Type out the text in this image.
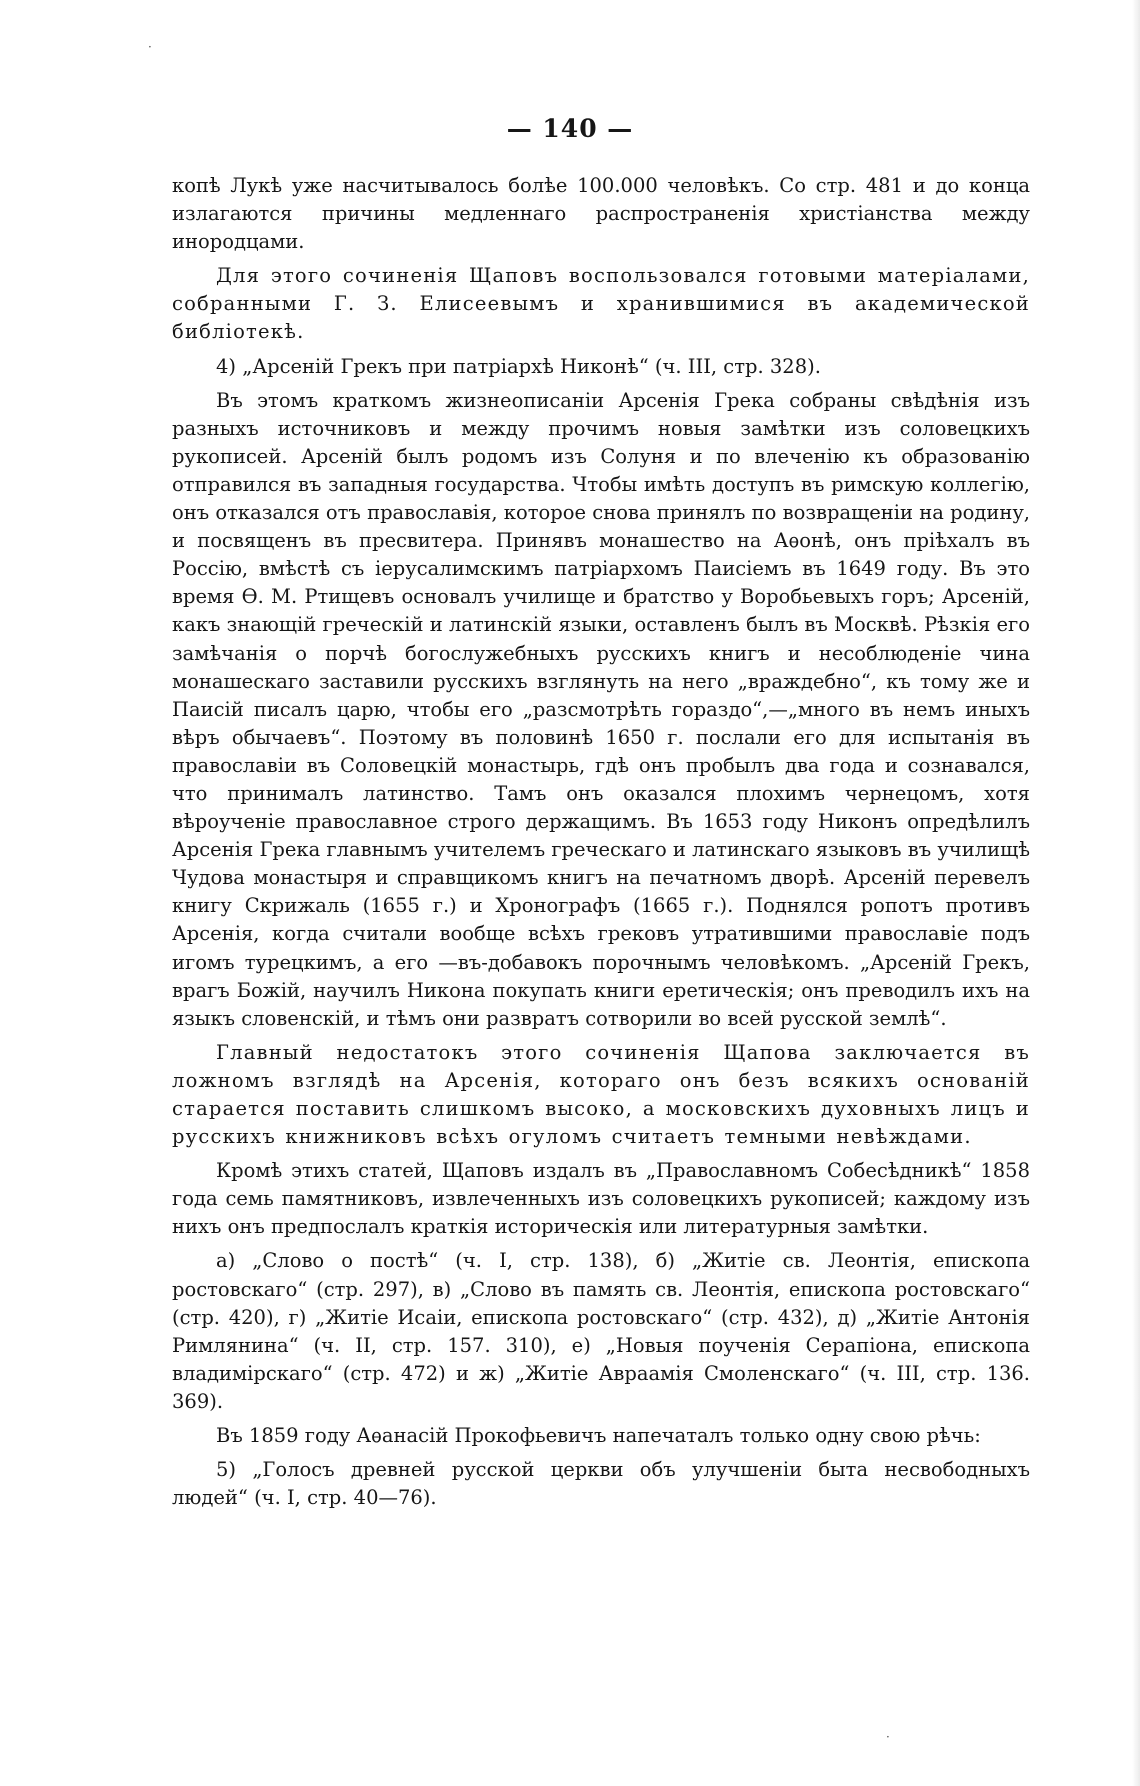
·
·
— 140 —

копѣ Лукѣ уже насчитывалось болѣе 100.000 человѣкъ. Со стр. 481 и до конца излагаются причины медленнаго распространенія христіанства между инородцами.

Для этого сочиненія Щаповъ воспользовался готовыми матеріалами, собранными Г. З. Елисеевымъ и хранившимися въ академической библіотекѣ.

4) „Арсеній Грекъ при патріархѣ Никонѣ“ (ч. III, стр. 328).

Въ этомъ краткомъ жизнеописаніи Арсенія Грека собраны свѣдѣнія изъ разныхъ источниковъ и между прочимъ новыя замѣтки изъ соловецкихъ рукописей. Арсеній былъ родомъ изъ Солуня и по влеченію къ образованію отправился въ западныя государства. Чтобы имѣть доступъ въ римскую коллегію, онъ отказался отъ православія, которое снова принялъ по возвращеніи на родину, и посвященъ въ пресвитера. Принявъ монашество на Аѳонѣ, онъ пріѣхалъ въ Россію, вмѣстѣ съ іерусалимскимъ патріархомъ Паисіемъ въ 1649 году. Въ это время Ѳ. М. Ртищевъ основалъ училище и братство у Воробьевыхъ горъ; Арсеній, какъ знающій греческій и латинскій языки, оставленъ былъ въ Москвѣ. Рѣзкія его замѣчанія о порчѣ богослужебныхъ русскихъ книгъ и несоблюденіе чина монашескаго заставили русскихъ взглянуть на него „враждебно“, къ тому же и Паисій писалъ царю, чтобы его „разсмотрѣть гораздо“,—„много въ немъ иныхъ вѣръ обычаевъ“. Поэтому въ половинѣ 1650 г. послали его для испытанія въ православіи въ Соловецкій монастырь, гдѣ онъ пробылъ два года и сознавался, что принималъ латинство. Тамъ онъ оказался плохимъ чернецомъ, хотя вѣроученіе православное строго держащимъ. Въ 1653 году Никонъ опредѣлилъ Арсенія Грека главнымъ учителемъ греческаго и латинскаго языковъ въ училищѣ Чудова монастыря и справщикомъ книгъ на печатномъ дворѣ. Арсеній перевелъ книгу Скрижаль (1655 г.) и Хронографъ (1665 г.). Поднялся ропотъ противъ Арсенія, когда считали вообще всѣхъ грековъ утратившими православіе подъ игомъ турецкимъ, а его —въ-добавокъ порочнымъ человѣкомъ. „Арсеній Грекъ, врагъ Божій, научилъ Никона покупать книги еретическія; онъ преводилъ ихъ на языкъ словенскій, и тѣмъ они развратъ сотворили во всей русской землѣ“.

Главный недостатокъ этого сочиненія Щапова заключается въ ложномъ взглядѣ на Арсенія, котораго онъ безъ всякихъ основаній старается поставить слишкомъ высоко, а московскихъ духовныхъ лицъ и русскихъ книжниковъ всѣхъ огуломъ считаетъ темными невѣждами.

Кромѣ этихъ статей, Щаповъ издалъ въ „Православномъ Собесѣдникѣ“ 1858 года семь памятниковъ, извлеченныхъ изъ соловецкихъ рукописей; каждому изъ нихъ онъ предпослалъ краткія историческія или литературныя замѣтки.

а) „Слово о постѣ“ (ч. I, стр. 138), б) „Житіе св. Леонтія, епископа ростовскаго“ (стр. 297), в) „Слово въ память св. Леонтія, епископа ростовскаго“ (стр. 420), г) „Житіе Исаіи, епископа ростовскаго“ (стр. 432), д) „Житіе Антонія Римлянина“ (ч. II, стр. 157. 310), е) „Новыя поученія Серапіона, епископа владимірскаго“ (стр. 472) и ж) „Житіе Авраамія Смоленскаго“ (ч. III, стр. 136. 369).

Въ 1859 году Аѳанасій Прокофьевичъ напечаталъ только одну свою рѣчь:

5) „Голосъ древней русской церкви объ улучшеніи быта несвободныхъ людей“ (ч. I, стр. 40—76).
